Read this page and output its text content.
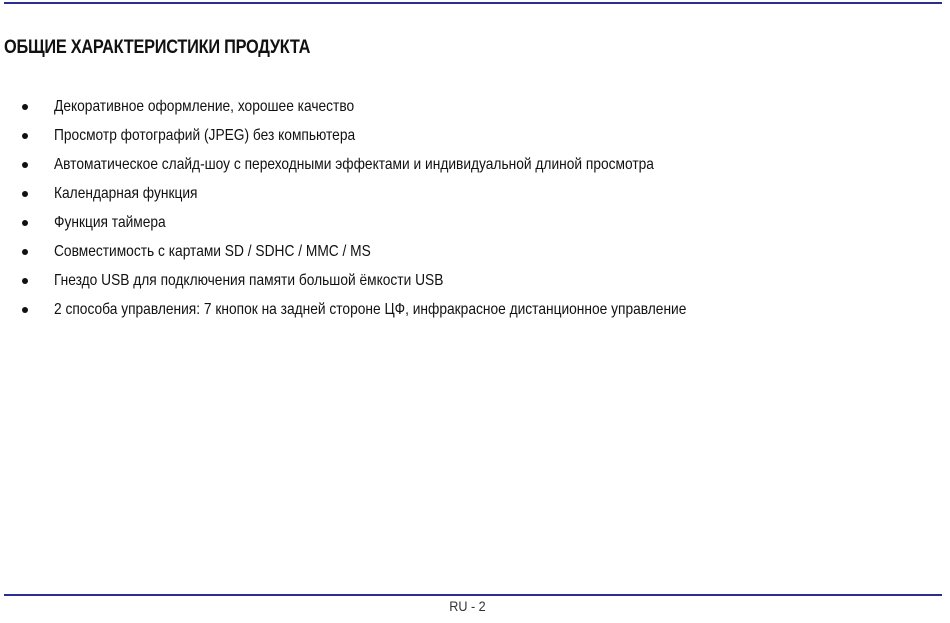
ОБЩИЕ ХАРАКТЕРИСТИКИ ПРОДУКТА
Декоративное оформление, хорошее качество
Просмотр фотографий (JPEG) без компьютера
Автоматическое слайд-шоу с переходными эффектами и индивидуальной длиной просмотра
Календарная функция
Функция таймера
Совместимость с картами SD / SDHC / MMC / MS
Гнездо USB для подключения памяти большой ёмкости USB
2 способа управления: 7 кнопок на задней стороне ЦФ, инфракрасное дистанционное управление
RU - 2
